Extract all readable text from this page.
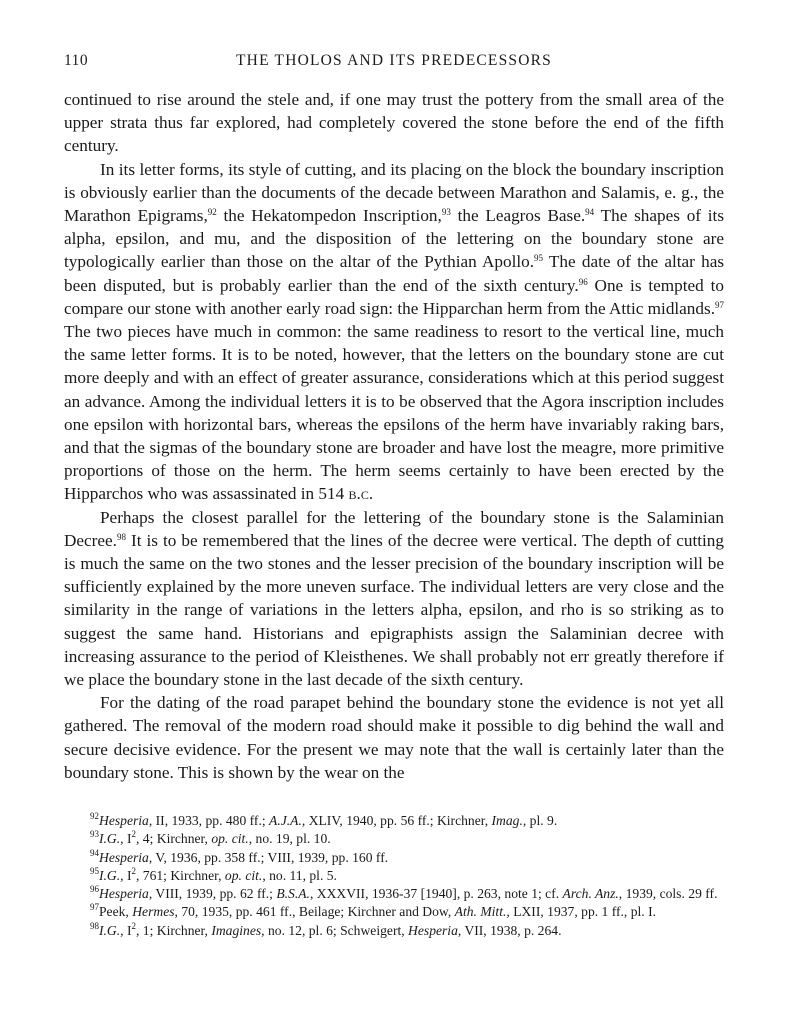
110	THE THOLOS AND ITS PREDECESSORS

continued to rise around the stele and, if one may trust the pottery from the small area of the upper strata thus far explored, had completely covered the stone before the end of the fifth century.

In its letter forms, its style of cutting, and its placing on the block the boundary inscription is obviously earlier than the documents of the decade between Marathon and Salamis, e. g., the Marathon Epigrams,$^{92}$ the Hekatompedon Inscription,$^{93}$ the Leagros Base.$^{94}$ The shapes of its alpha, epsilon, and mu, and the disposition of the lettering on the boundary stone are typologically earlier than those on the altar of the Pythian Apollo.$^{95}$ The date of the altar has been disputed, but is probably earlier than the end of the sixth century.$^{96}$ One is tempted to compare our stone with another early road sign: the Hipparchan herm from the Attic midlands.$^{97}$ The two pieces have much in common: the same readiness to resort to the vertical line, much the same letter forms. It is to be noted, however, that the letters on the boundary stone are cut more deeply and with an effect of greater assurance, considerations which at this period suggest an advance. Among the individual letters it is to be observed that the Agora inscription includes one epsilon with horizontal bars, whereas the epsilons of the herm have invariably raking bars, and that the sigmas of the boundary stone are broader and have lost the meagre, more primitive proportions of those on the herm. The herm seems certainly to have been erected by the Hipparchos who was assassinated in 514 b.c.

Perhaps the closest parallel for the lettering of the boundary stone is the Salaminian Decree.$^{98}$ It is to be remembered that the lines of the decree were vertical. The depth of cutting is much the same on the two stones and the lesser precision of the boundary inscription will be sufficiently explained by the more uneven surface. The individual letters are very close and the similarity in the range of variations in the letters alpha, epsilon, and rho is so striking as to suggest the same hand. Historians and epigraphists assign the Salaminian decree with increasing assurance to the period of Kleisthenes. We shall probably not err greatly therefore if we place the boundary stone in the last decade of the sixth century.

For the dating of the road parapet behind the boundary stone the evidence is not yet all gathered. The removal of the modern road should make it possible to dig behind the wall and secure decisive evidence. For the present we may note that the wall is certainly later than the boundary stone. This is shown by the wear on the

$^{92}$Hesperia, II, 1933, pp. 480 ff.; A.J.A., XLIV, 1940, pp. 56 ff.; Kirchner, Imag., pl. 9.

$^{93}$I.G., $I^2$, 4; Kirchner, op. cit., no. 19, pl. 10.

$^{94}$Hesperia, V, 1936, pp. 358 ff.; VIII, 1939, pp. 160 ff.

$^{95}$I.G., $I^2$, 761; Kirchner, op. cit., no. 11, pl. 5.

$^{96}$Hesperia, VIII, 1939, pp. 62 ff.; B.S.A., XXXVII, 1936-37 [1940], p. 263, note 1; cf. Arch. Anz., 1939, cols. 29 ff.

$^{97}$Peek, Hermes, 70, 1935, pp. 461 ff., Beilage; Kirchner and Dow, Ath. Mitt., LXII, 1937, pp. 1 ff., pl. I.

$^{98}$I.G., $I^2$, 1; Kirchner, Imagines, no. 12, pl. 6; Schweigert, Hesperia, VII, 1938, p. 264.
